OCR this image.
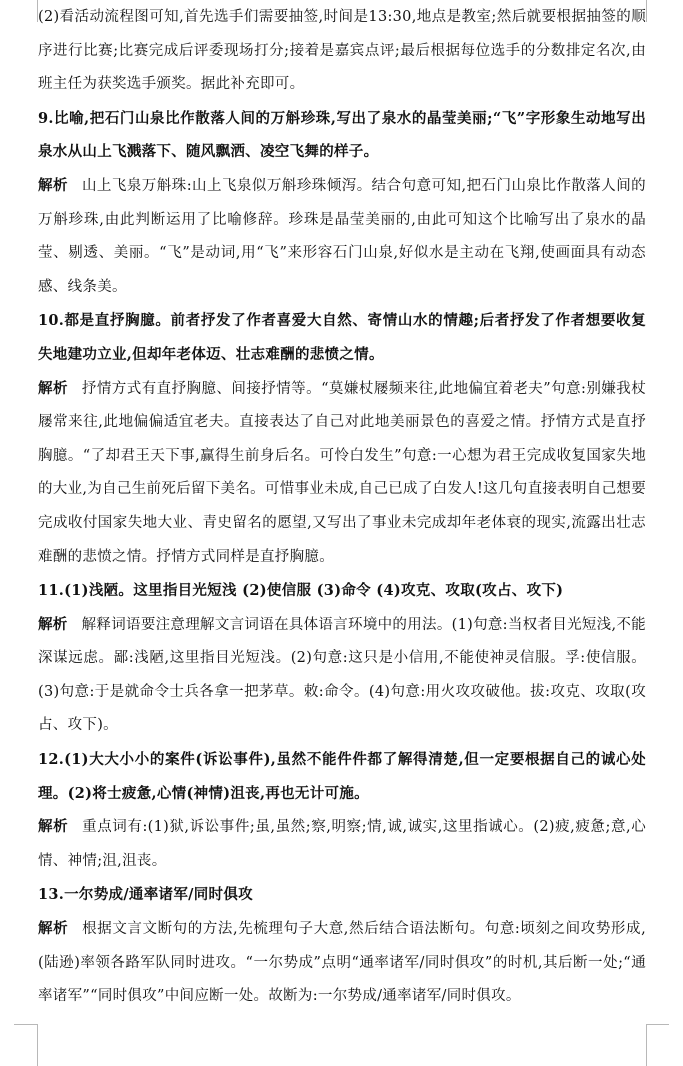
(2)看活动流程图可知,首先选手们需要抽签,时间是13:30,地点是教室;然后就要根据抽签的顺序进行比赛;比赛完成后评委现场打分;接着是嘉宾点评;最后根据每位选手的分数排定名次,由班主任为获奖选手颁奖。据此补充即可。

9.比喻,把石门山泉比作散落人间的万斛珍珠,写出了泉水的晶莹美丽;“飞”字形象生动地写出泉水从山上飞溅落下、随风飘洒、凌空飞舞的样子。

解析 山上飞泉万斛珠:山上飞泉似万斛珍珠倾泻。结合句意可知,把石门山泉比作散落人间的万斛珍珠,由此判断运用了比喻修辞。珍珠是晶莹美丽的,由此可知这个比喻写出了泉水的晶莹、剔透、美丽。“飞”是动词,用“飞”来形容石门山泉,好似水是主动在飞翔,使画面具有动态感、线条美。

10.都是直抒胸臆。前者抒发了作者喜爱大自然、寄情山水的情趣;后者抒发了作者想要收复失地建功立业,但却年老体迈、壮志难酬的悲愤之情。

解析 抒情方式有直抒胸臆、间接抒情等。“莫嫌杖屦频来往,此地偏宜着老夫”句意:别嫌我杖屦常来往,此地偏偏适宜老夫。直接表达了自己对此地美丽景色的喜爱之情。抒情方式是直抒胸臆。“了却君王天下事,赢得生前身后名。可怜白发生”句意:一心想为君王完成收复国家失地的大业,为自己生前死后留下美名。可惜事业未成,自己已成了白发人!这几句直接表明自己想要完成收付国家失地大业、青史留名的愿望,又写出了事业未完成却年老体衰的现实,流露出壮志难酬的悲愤之情。抒情方式同样是直抒胸臆。

11.(1)浅陋。这里指目光短浅 (2)使信服 (3)命令 (4)攻克、攻取(攻占、攻下)

解析 解释词语要注意理解文言词语在具体语言环境中的用法。(1)句意:当权者目光短浅,不能深谋远虑。鄙:浅陋,这里指目光短浅。(2)句意:这只是小信用,不能使神灵信服。孚:使信服。(3)句意:于是就命令士兵各拿一把茅草。敕:命令。(4)句意:用火攻攻破他。拔:攻克、攻取(攻占、攻下)。

12.(1)大大小小的案件(诉讼事件),虽然不能件件都了解得清楚,但一定要根据自己的诚心处理。(2)将士疲惫,心情(神情)沮丧,再也无计可施。

解析 重点词有:(1)狱,诉讼事件;虽,虽然;察,明察;情,诚,诚实,这里指诚心。(2)疲,疲惫;意,心情、神情;沮,沮丧。

13.一尔势成/通率诸军/同时俱攻

解析 根据文言文断句的方法,先梳理句子大意,然后结合语法断句。句意:顷刻之间攻势形成,(陆逊)率领各路军队同时进攻。“一尔势成”点明“通率诸军/同时俱攻”的时机,其后断一处;“通率诸军”“同时俱攻”中间应断一处。故断为:一尔势成/通率诸军/同时俱攻。
